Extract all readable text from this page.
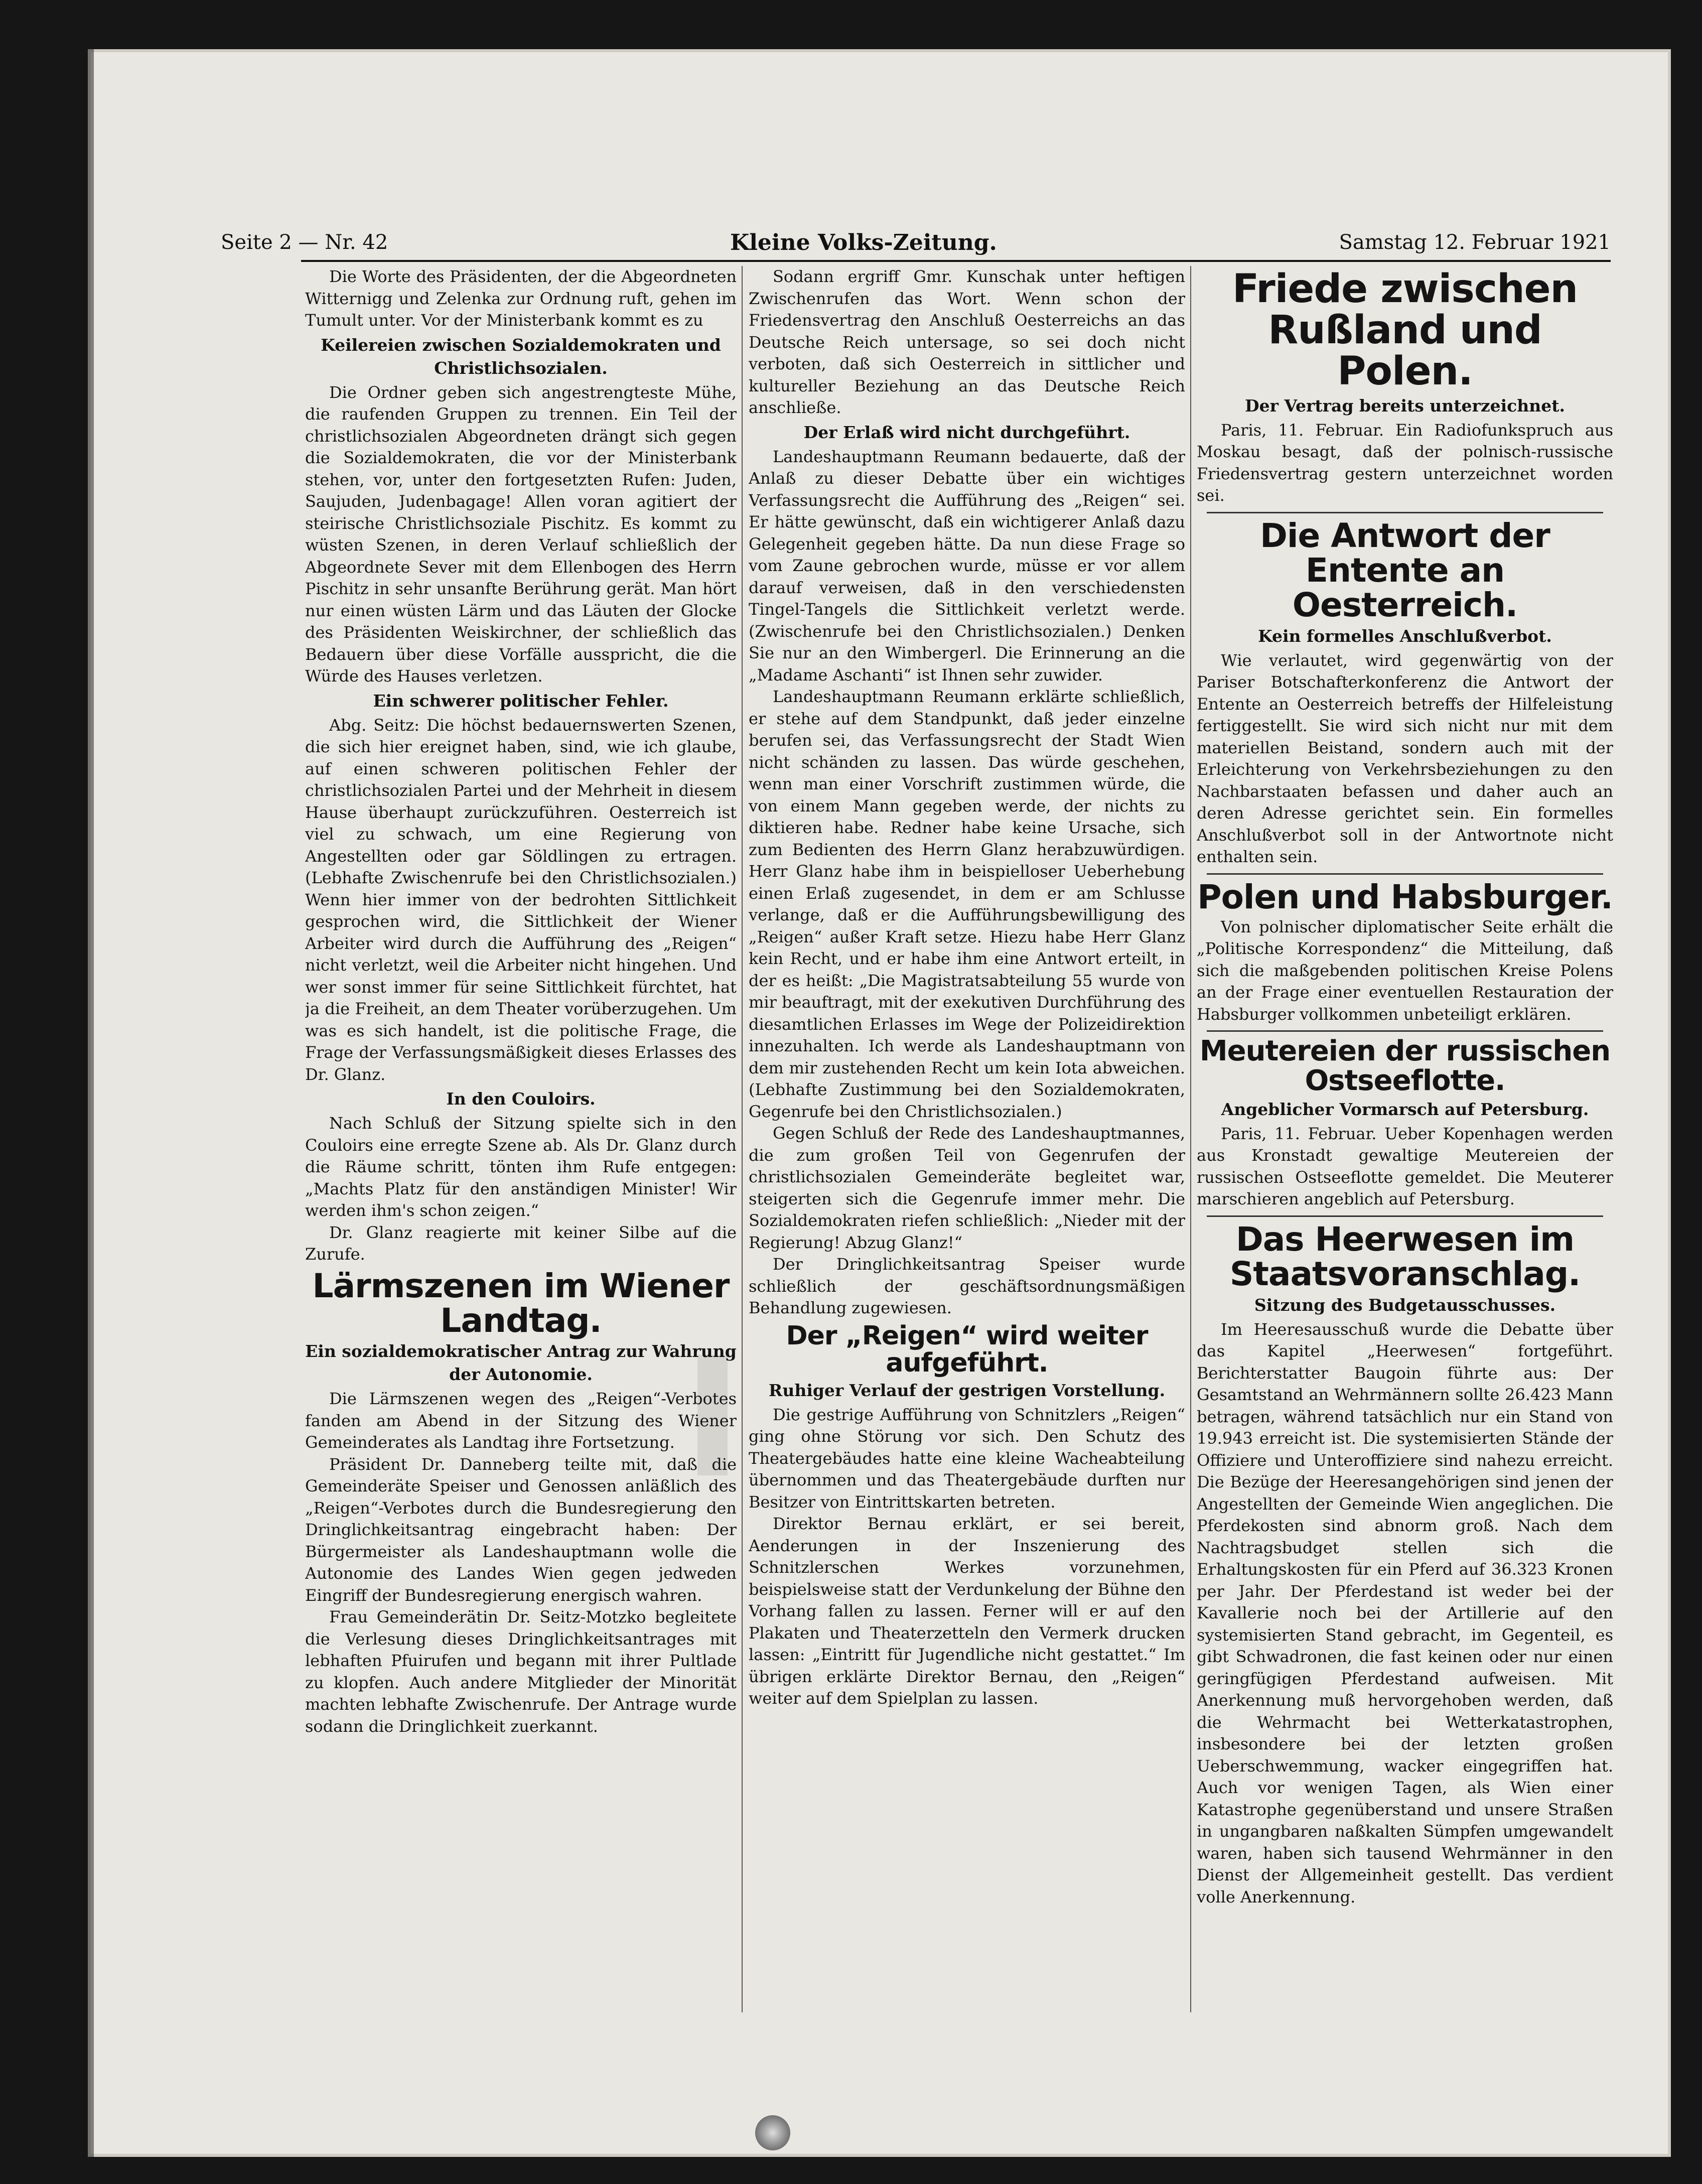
Seite 2 — Nr. 42	Kleine Volks-Zeitung.	Samstag 12. Februar 1921

Die Worte des Präsidenten, der die Abgeordneten Witternigg und Zelenka zur Ordnung ruft, gehen im Tumult unter. Vor der Ministerbank kommt es zu

Keilereien zwischen Sozialdemokraten und Christlichsozialen.

Die Ordner geben sich angestrengteste Mühe, die raufenden Gruppen zu trennen. Ein Teil der christlichsozialen Abgeordneten drängt sich gegen die Sozialdemokraten, die vor der Ministerbank stehen, vor, unter den fortgesetzten Rufen: Juden, Saujuden, Judenbagage! Allen voran agitiert der steirische Christlichsoziale Pischitz. Es kommt zu wüsten Szenen, in deren Verlauf schließlich der Abgeordnete Sever mit dem Ellenbogen des Herrn Pischitz in sehr unsanfte Berührung gerät. Man hört nur einen wüsten Lärm und das Läuten der Glocke des Präsidenten Weiskirchner, der schließlich das Bedauern über diese Vorfälle ausspricht, die die Würde des Hauses verletzen.

Ein schwerer politischer Fehler.

Abg. Seitz: Die höchst bedauernswerten Szenen, die sich hier ereignet haben, sind, wie ich glaube, auf einen schweren politischen Fehler der christlichsozialen Partei und der Mehrheit in diesem Hause überhaupt zurückzuführen. Oesterreich ist viel zu schwach, um eine Regierung von Angestellten oder gar Söldlingen zu ertragen. (Lebhafte Zwischenrufe bei den Christlichsozialen.) Wenn hier immer von der bedrohten Sittlichkeit gesprochen wird, die Sittlichkeit der Wiener Arbeiter wird durch die Aufführung des „Reigen“ nicht verletzt, weil die Arbeiter nicht hingehen. Und wer sonst immer für seine Sittlichkeit fürchtet, hat ja die Freiheit, an dem Theater vorüberzugehen. Um was es sich handelt, ist die politische Frage, die Frage der Verfassungsmäßigkeit dieses Erlasses des Dr. Glanz.

In den Couloirs.

Nach Schluß der Sitzung spielte sich in den Couloirs eine erregte Szene ab. Als Dr. Glanz durch die Räume schritt, tönten ihm Rufe entgegen: „Machts Platz für den anständigen Minister! Wir werden ihm's schon zeigen.“

Dr. Glanz reagierte mit keiner Silbe auf die Zurufe.

Lärmszenen im Wiener Landtag.
Ein sozialdemokratischer Antrag zur Wahrung der Autonomie.

Die Lärmszenen wegen des „Reigen“-Verbotes fanden am Abend in der Sitzung des Wiener Gemeinderates als Landtag ihre Fortsetzung.

Präsident Dr. Danneberg teilte mit, daß die Gemeinderäte Speiser und Genossen anläßlich des „Reigen“-Verbotes durch die Bundesregierung den Dringlichkeitsantrag eingebracht haben: Der Bürgermeister als Landeshauptmann wolle die Autonomie des Landes Wien gegen jedweden Eingriff der Bundesregierung energisch wahren.

Frau Gemeinderätin Dr. Seitz-Motzko begleitete die Verlesung dieses Dringlichkeitsantrages mit lebhaften Pfuirufen und begann mit ihrer Pultlade zu klopfen. Auch andere Mitglieder der Minorität machten lebhafte Zwischenrufe. Der Antrage wurde sodann die Dringlichkeit zuerkannt.

Sodann ergriff Gmr. Kunschak unter heftigen Zwischenrufen das Wort. Wenn schon der Friedensvertrag den Anschluß Oesterreichs an das Deutsche Reich untersage, so sei doch nicht verboten, daß sich Oesterreich in sittlicher und kultureller Beziehung an das Deutsche Reich anschließe.

Der Erlaß wird nicht durchgeführt.

Landeshauptmann Reumann bedauerte, daß der Anlaß zu dieser Debatte über ein wichtiges Verfassungsrecht die Aufführung des „Reigen“ sei. Er hätte gewünscht, daß ein wichtigerer Anlaß dazu Gelegenheit gegeben hätte. Da nun diese Frage so vom Zaune gebrochen wurde, müsse er vor allem darauf verweisen, daß in den verschiedensten Tingel-Tangels die Sittlichkeit verletzt werde. (Zwischenrufe bei den Christlichsozialen.) Denken Sie nur an den Wimbergerl. Die Erinnerung an die „Madame Aschanti“ ist Ihnen sehr zuwider.

Landeshauptmann Reumann erklärte schließlich, er stehe auf dem Standpunkt, daß jeder einzelne berufen sei, das Verfassungsrecht der Stadt Wien nicht schänden zu lassen. Das würde geschehen, wenn man einer Vorschrift zustimmen würde, die von einem Mann gegeben werde, der nichts zu diktieren habe. Redner habe keine Ursache, sich zum Bedienten des Herrn Glanz herabzuwürdigen. Herr Glanz habe ihm in beispielloser Ueberhebung einen Erlaß zugesendet, in dem er am Schlusse verlange, daß er die Aufführungsbewilligung des „Reigen“ außer Kraft setze. Hiezu habe Herr Glanz kein Recht, und er habe ihm eine Antwort erteilt, in der es heißt: „Die Magistratsabteilung 55 wurde von mir beauftragt, mit der exekutiven Durchführung des diesamtlichen Erlasses im Wege der Polizeidirektion innezuhalten. Ich werde als Landeshauptmann von dem mir zustehenden Recht um kein Iota abweichen. (Lebhafte Zustimmung bei den Sozialdemokraten, Gegenrufe bei den Christlichsozialen.)

Gegen Schluß der Rede des Landeshauptmannes, die zum großen Teil von Gegenrufen der christlichsozialen Gemeinderäte begleitet war, steigerten sich die Gegenrufe immer mehr. Die Sozialdemokraten riefen schließlich: „Nieder mit der Regierung! Abzug Glanz!“

Der Dringlichkeitsantrag Speiser wurde schließlich der geschäftsordnungsmäßigen Behandlung zugewiesen.

Der „Reigen“ wird weiter aufgeführt.
Ruhiger Verlauf der gestrigen Vorstellung.

Die gestrige Aufführung von Schnitzlers „Reigen“ ging ohne Störung vor sich. Den Schutz des Theatergebäudes hatte eine kleine Wacheabteilung übernommen und das Theatergebäude durften nur Besitzer von Eintrittskarten betreten.

Direktor Bernau erklärt, er sei bereit, Aenderungen in der Inszenierung des Schnitzlerschen Werkes vorzunehmen, beispielsweise statt der Verdunkelung der Bühne den Vorhang fallen zu lassen. Ferner will er auf den Plakaten und Theaterzetteln den Vermerk drucken lassen: „Eintritt für Jugendliche nicht gestattet.“ Im übrigen erklärte Direktor Bernau, den „Reigen“ weiter auf dem Spielplan zu lassen.

Friede zwischen Rußland und Polen.
Der Vertrag bereits unterzeichnet.

Paris, 11. Februar. Ein Radiofunkspruch aus Moskau besagt, daß der polnisch-russische Friedensvertrag gestern unterzeichnet worden sei.

Die Antwort der Entente an Oesterreich.
Kein formelles Anschlußverbot.

Wie verlautet, wird gegenwärtig von der Pariser Botschafterkonferenz die Antwort der Entente an Oesterreich betreffs der Hilfeleistung fertiggestellt. Sie wird sich nicht nur mit dem materiellen Beistand, sondern auch mit der Erleichterung von Verkehrsbeziehungen zu den Nachbarstaaten befassen und daher auch an deren Adresse gerichtet sein. Ein formelles Anschlußverbot soll in der Antwortnote nicht enthalten sein.

Polen und Habsburger.

Von polnischer diplomatischer Seite erhält die „Politische Korrespondenz“ die Mitteilung, daß sich die maßgebenden politischen Kreise Polens an der Frage einer eventuellen Restauration der Habsburger vollkommen unbeteiligt erklären.

Meutereien der russischen Ostseeflotte.
Angeblicher Vormarsch auf Petersburg.

Paris, 11. Februar. Ueber Kopenhagen werden aus Kronstadt gewaltige Meutereien der russischen Ostseeflotte gemeldet. Die Meuterer marschieren angeblich auf Petersburg.

Das Heerwesen im Staatsvoranschlag.
Sitzung des Budgetausschusses.

Im Heeresausschuß wurde die Debatte über das Kapitel „Heerwesen“ fortgeführt. Berichterstatter Baugoin führte aus: Der Gesamtstand an Wehrmännern sollte 26.423 Mann betragen, während tatsächlich nur ein Stand von 19.943 erreicht ist. Die systemisierten Stände der Offiziere und Unteroffiziere sind nahezu erreicht. Die Bezüge der Heeresangehörigen sind jenen der Angestellten der Gemeinde Wien angeglichen. Die Pferdekosten sind abnorm groß. Nach dem Nachtragsbudget stellen sich die Erhaltungskosten für ein Pferd auf 36.323 Kronen per Jahr. Der Pferdestand ist weder bei der Kavallerie noch bei der Artillerie auf den systemisierten Stand gebracht, im Gegenteil, es gibt Schwadronen, die fast keinen oder nur einen geringfügigen Pferdestand aufweisen. Mit Anerkennung muß hervorgehoben werden, daß die Wehrmacht bei Wetterkatastrophen, insbesondere bei der letzten großen Ueberschwemmung, wacker eingegriffen hat. Auch vor wenigen Tagen, als Wien einer Katastrophe gegenüberstand und unsere Straßen in ungangbaren naßkalten Sümpfen umgewandelt waren, haben sich tausend Wehrmänner in den Dienst der Allgemeinheit gestellt. Das verdient volle Anerkennung.
